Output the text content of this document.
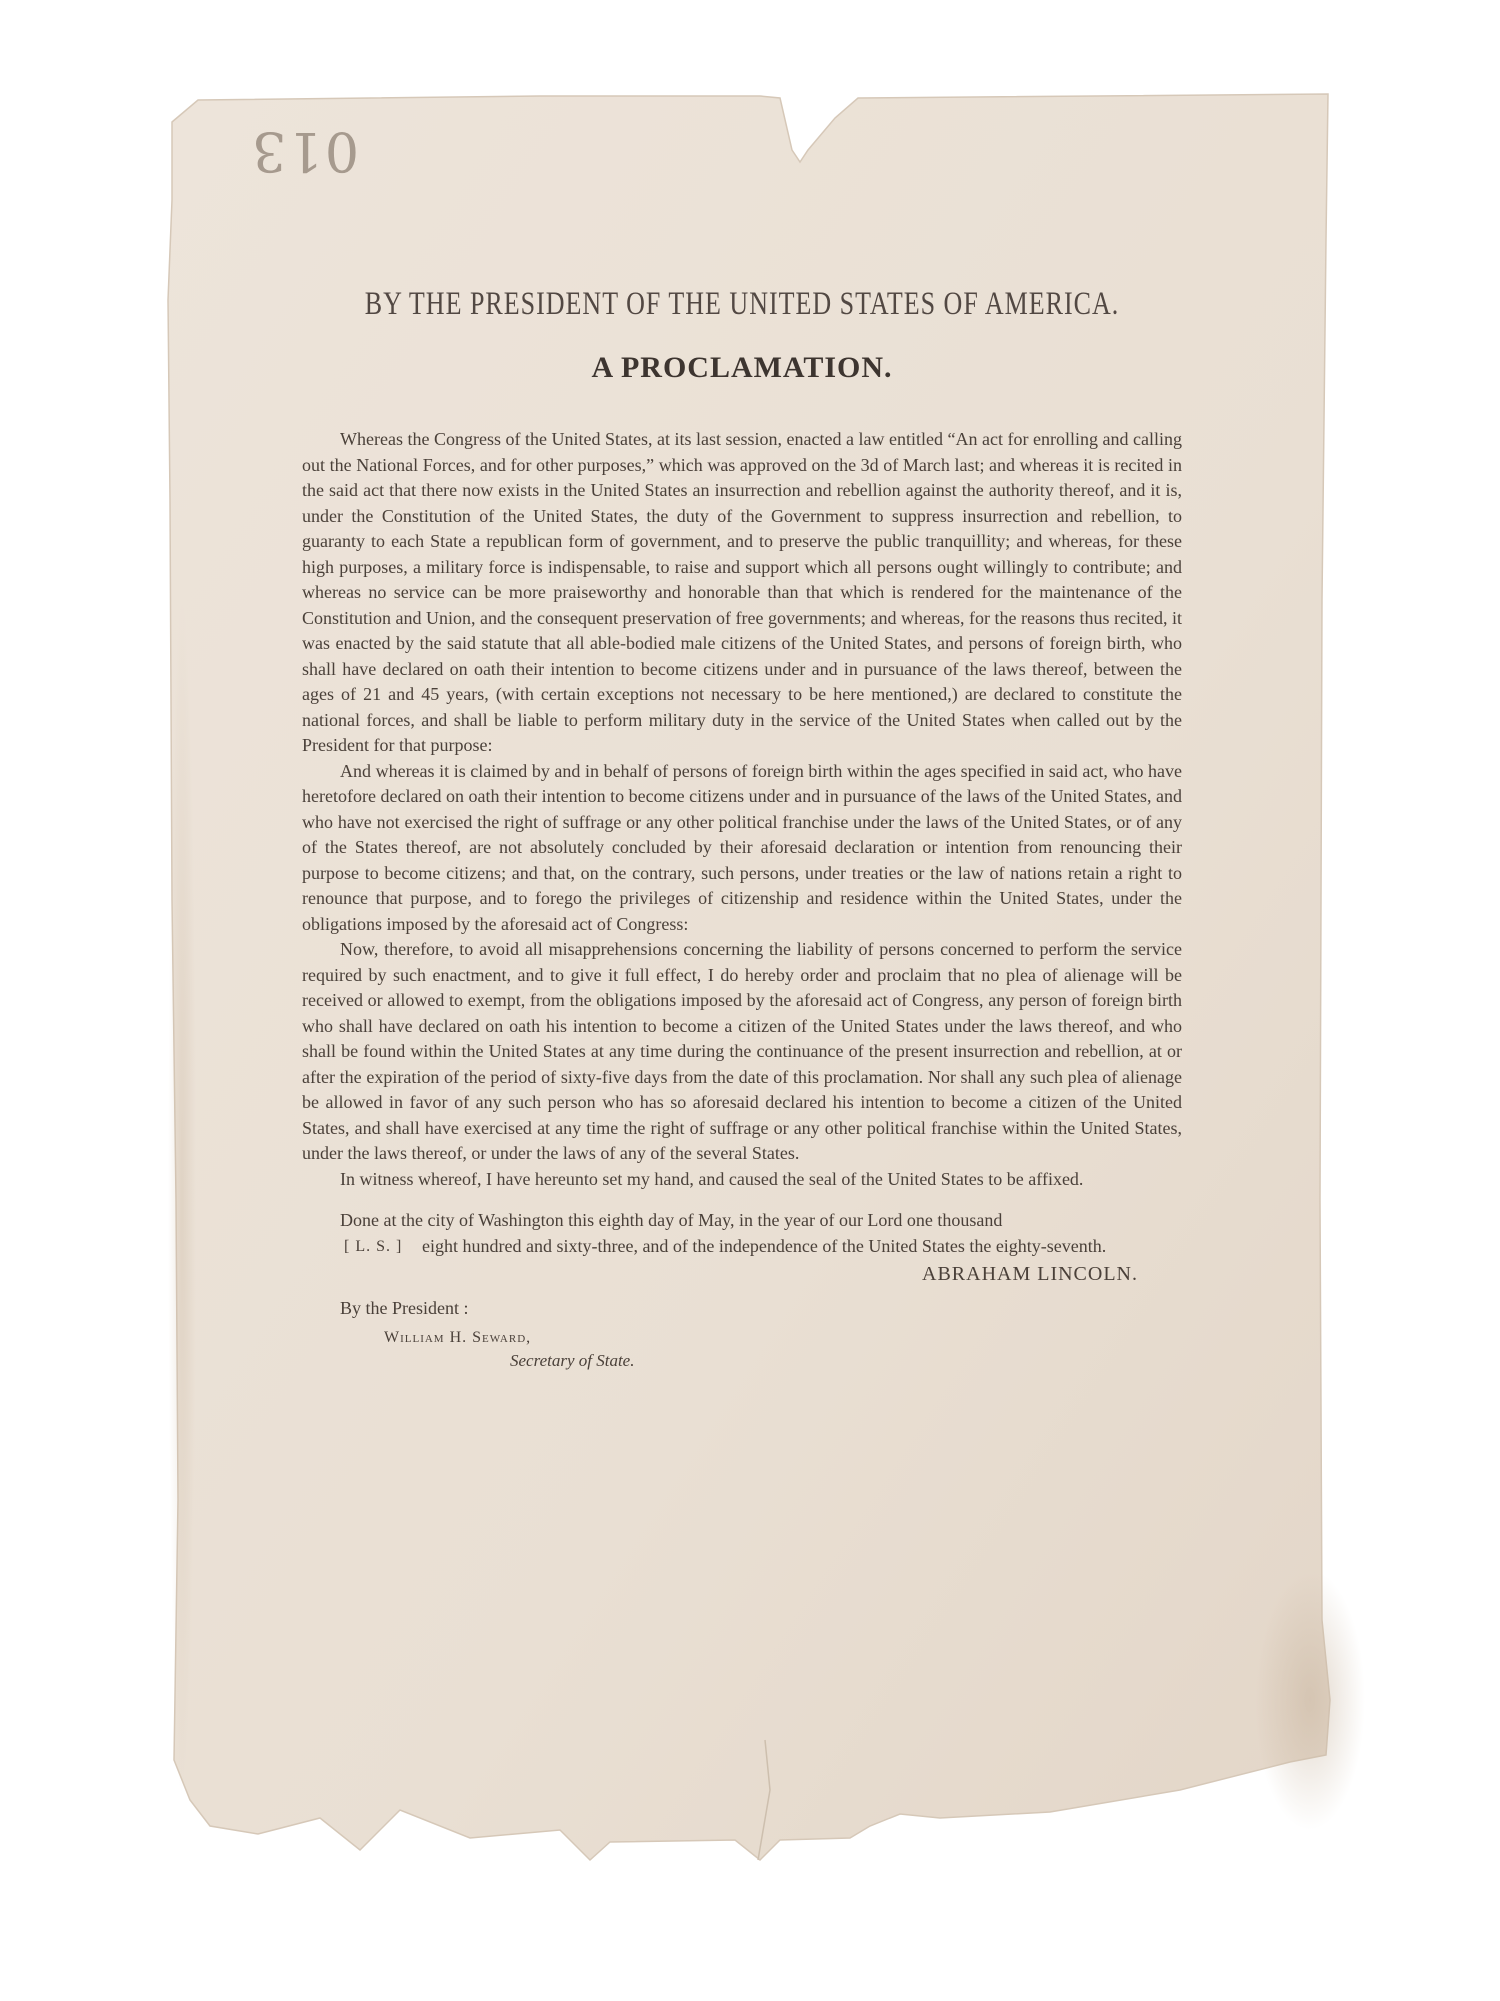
013
BY THE PRESIDENT OF THE UNITED STATES OF AMERICA.
A PROCLAMATION.

Whereas the Congress of the United States, at its last session, enacted a law entitled “An act for enrolling and calling out the National Forces, and for other purposes,” which was approved on the 3d of March last; and whereas it is recited in the said act that there now exists in the United States an insurrection and rebellion against the authority thereof, and it is, under the Constitution of the United States, the duty of the Government to suppress insurrection and rebellion, to guaranty to each State a republican form of government, and to preserve the public tranquillity; and whereas, for these high purposes, a military force is indispensable, to raise and support which all persons ought willingly to contribute; and whereas no service can be more praiseworthy and honorable than that which is rendered for the maintenance of the Constitution and Union, and the consequent preservation of free governments; and whereas, for the reasons thus recited, it was enacted by the said statute that all able-bodied male citizens of the United States, and persons of foreign birth, who shall have declared on oath their intention to become citizens under and in pursuance of the laws thereof, between the ages of 21 and 45 years, (with certain exceptions not necessary to be here mentioned,) are declared to constitute the national forces, and shall be liable to perform military duty in the service of the United States when called out by the President for that purpose:

And whereas it is claimed by and in behalf of persons of foreign birth within the ages specified in said act, who have heretofore declared on oath their intention to become citizens under and in pursuance of the laws of the United States, and who have not exercised the right of suffrage or any other political franchise under the laws of the United States, or of any of the States thereof, are not absolutely concluded by their aforesaid declaration or intention from renouncing their purpose to become citizens; and that, on the contrary, such persons, under treaties or the law of nations retain a right to renounce that purpose, and to forego the privileges of citizenship and residence within the United States, under the obligations imposed by the aforesaid act of Congress:

Now, therefore, to avoid all misapprehensions concerning the liability of persons concerned to perform the service required by such enactment, and to give it full effect, I do hereby order and proclaim that no plea of alienage will be received or allowed to exempt, from the obligations imposed by the aforesaid act of Congress, any person of foreign birth who shall have declared on oath his intention to become a citizen of the United States under the laws thereof, and who shall be found within the United States at any time during the continuance of the present insurrection and rebellion, at or after the expiration of the period of sixty-five days from the date of this proclamation. Nor shall any such plea of alienage be allowed in favor of any such person who has so aforesaid declared his intention to become a citizen of the United States, and shall have exercised at any time the right of suffrage or any other political franchise within the United States, under the laws thereof, or under the laws of any of the several States.

In witness whereof, I have hereunto set my hand, and caused the seal of the United States to be affixed.

Done at the city of Washington this eighth day of May, in the year of our Lord one thousand
[ L. S. ] eight hundred and sixty-three, and of the independence of the United States the eighty-seventh.
ABRAHAM LINCOLN.
By the President :
William H. Seward,
Secretary of State.
